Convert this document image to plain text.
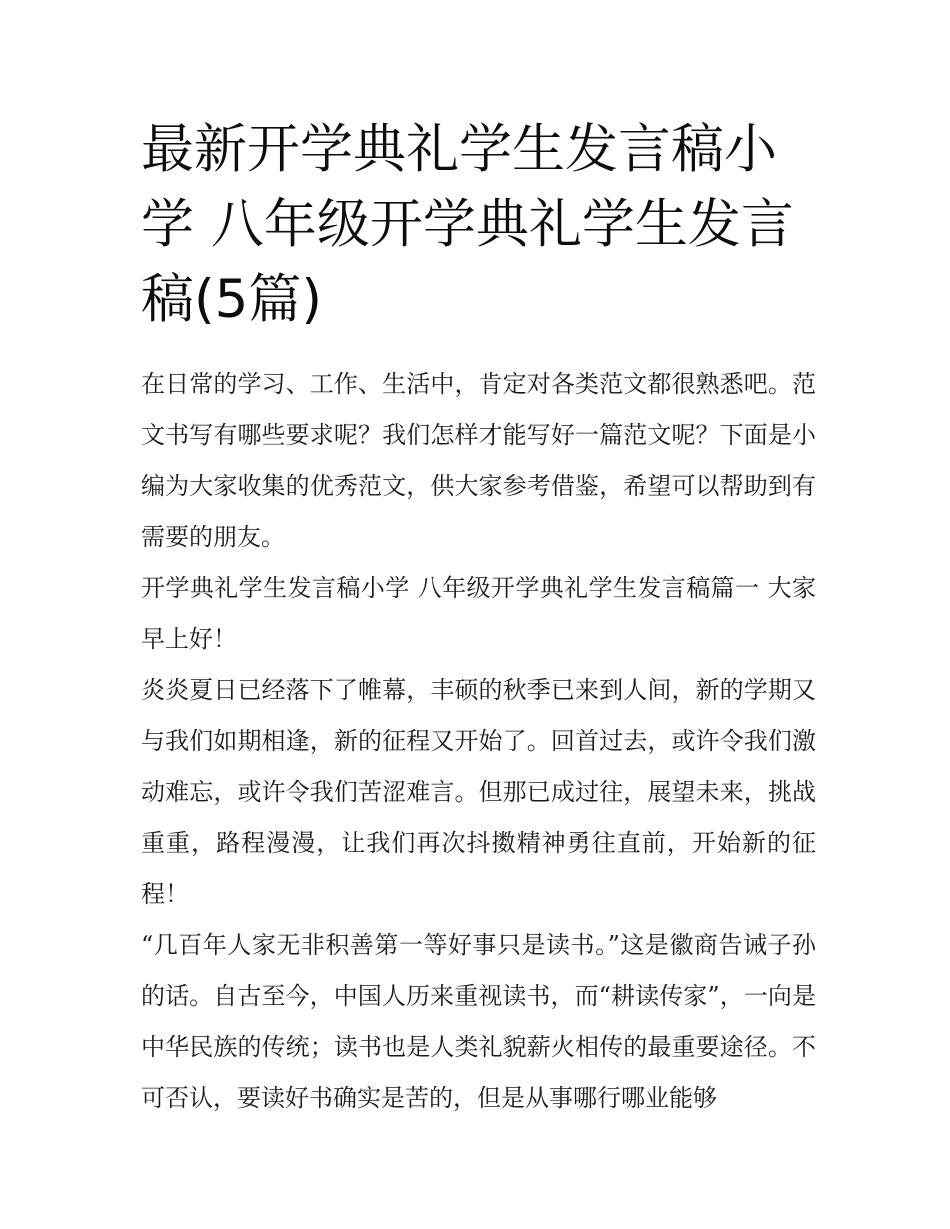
最新开学典礼学生发言稿小学 八年级开学典礼学生发言稿(5篇)

在日常的学习、工作、生活中，肯定对各类范文都很熟悉吧。范文书写有哪些要求呢？我们怎样才能写好一篇范文呢？下面是小编为大家收集的优秀范文，供大家参考借鉴，希望可以帮助到有需要的朋友。

开学典礼学生发言稿小学 八年级开学典礼学生发言稿篇一 大家早上好！

炎炎夏日已经落下了帷幕，丰硕的秋季已来到人间，新的学期又与我们如期相逢，新的征程又开始了。回首过去，或许令我们激动难忘，或许令我们苦涩难言。但那已成过往，展望未来，挑战重重，路程漫漫，让我们再次抖擞精神勇往直前，开始新的征程！

“几百年人家无非积善第一等好事只是读书。”这是徽商告诫子孙的话。自古至今，中国人历来重视读书，而“耕读传家”，一向是中华民族的传统；读书也是人类礼貌薪火相传的最重要途径。不可否认，要读好书确实是苦的，但是从事哪行哪业能够
